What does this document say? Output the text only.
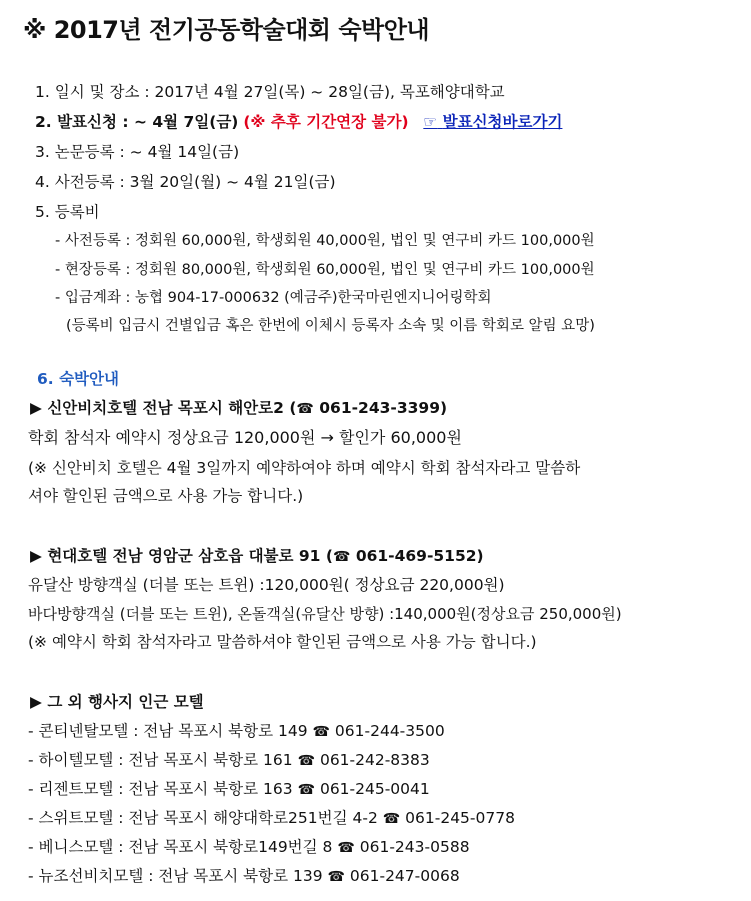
※ 2017년 전기공동학술대회 숙박안내
1. 일시 및 장소 : 2017년 4월 27일(목) ~ 28일(금), 목포해양대학교
2. 발표신청 : ~ 4월 7일(금) (※ 추후 기간연장 불가) ☞ 발표신청바로가기
3. 논문등록 : ~ 4월 14일(금)
4. 사전등록 : 3월 20일(월) ~ 4월 21일(금)
5. 등록비
- 사전등록 : 정회원 60,000원, 학생회원 40,000원, 법인 및 연구비 카드 100,000원
- 현장등록 : 정회원 80,000원, 학생회원 60,000원, 법인 및 연구비 카드 100,000원
- 입금계좌 : 농협 904-17-000632 (예금주)한국마린엔지니어링학회
(등록비 입금시 건별입금 혹은 한번에 이체시 등록자 소속 및 이름 학회로 알림 요망)
6. 숙박안내
▶ 신안비치호텔 전남 목포시 해안로2 (☎ 061-243-3399)
학회 참석자 예약시 정상요금 120,000원 → 할인가 60,000원
(※ 신안비치 호텔은 4월 3일까지 예약하여야 하며 예약시 학회 참석자라고 말씀하
셔야 할인된 금액으로 사용 가능 합니다.)
▶ 현대호텔 전남 영암군 삼호읍 대불로 91 (☎ 061-469-5152)
유달산 방향객실 (더블 또는 트윈) :120,000원( 정상요금 220,000원)
바다방향객실 (더블 또는 트윈), 온돌객실(유달산 방향) :140,000원(정상요금 250,000원)
(※ 예약시 학회 참석자라고 말씀하셔야 할인된 금액으로 사용 가능 합니다.)
▶ 그 외 행사지 인근 모텔
- 콘티넨탈모텔 : 전남 목포시 북항로 149 ☎ 061-244-3500
- 하이텔모텔 : 전남 목포시 북항로 161 ☎ 061-242-8383
- 리젠트모텔 : 전남 목포시 북항로 163 ☎ 061-245-0041
- 스위트모텔 : 전남 목포시 해양대학로251번길 4-2 ☎ 061-245-0778
- 베니스모텔 : 전남 목포시 북항로149번길 8 ☎ 061-243-0588
- 뉴조선비치모텔 : 전남 목포시 북항로 139 ☎ 061-247-0068
